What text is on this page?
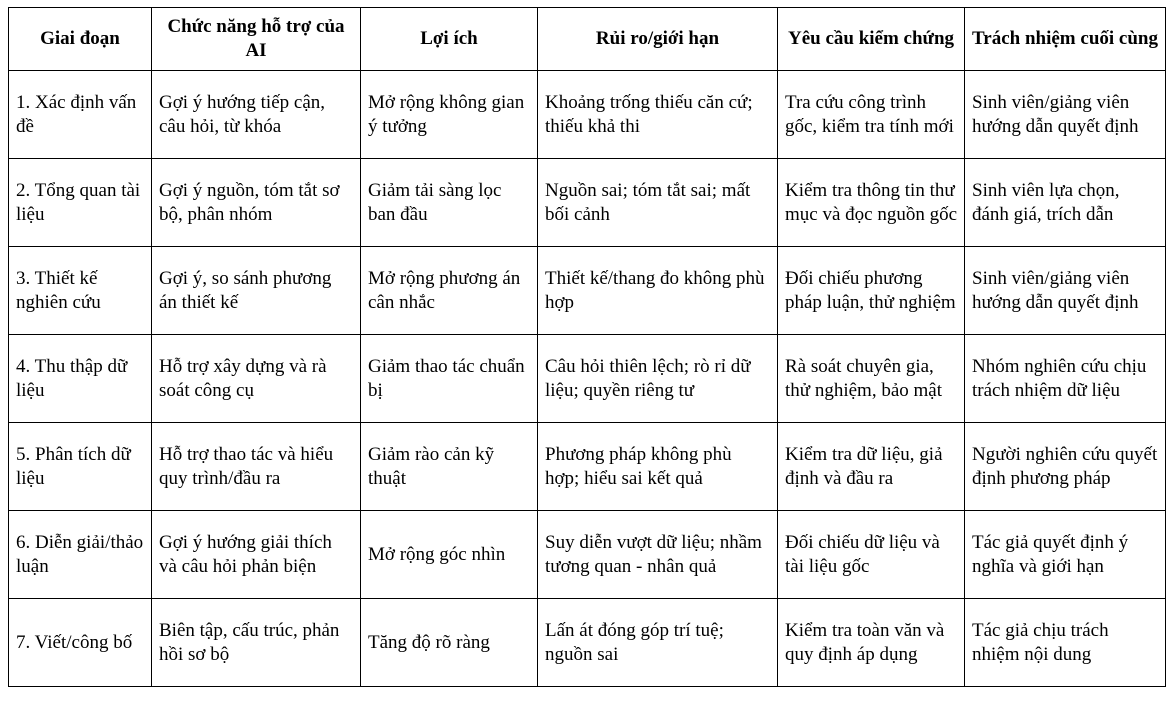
Giai đoạn	Chức năng hỗ trợ của AI	Lợi ích	Rủi ro/giới hạn	Yêu cầu kiểm chứng	Trách nhiệm cuối cùng
1. Xác định vấn đề	Gợi ý hướng tiếp cận, câu hỏi, từ khóa	Mở rộng không gian ý tưởng	Khoảng trống thiếu căn cứ; thiếu khả thi	Tra cứu công trình gốc, kiểm tra tính mới	Sinh viên/giảng viên hướng dẫn quyết định
2. Tổng quan tài liệu	Gợi ý nguồn, tóm tắt sơ bộ, phân nhóm	Giảm tải sàng lọc ban đầu	Nguồn sai; tóm tắt sai; mất bối cảnh	Kiểm tra thông tin thư mục và đọc nguồn gốc	Sinh viên lựa chọn, đánh giá, trích dẫn
3. Thiết kế nghiên cứu	Gợi ý, so sánh phương án thiết kế	Mở rộng phương án cân nhắc	Thiết kế/thang đo không phù hợp	Đối chiếu phương pháp luận, thử nghiệm	Sinh viên/giảng viên hướng dẫn quyết định
4. Thu thập dữ liệu	Hỗ trợ xây dựng và rà soát công cụ	Giảm thao tác chuẩn bị	Câu hỏi thiên lệch; rò rỉ dữ liệu; quyền riêng tư	Rà soát chuyên gia, thử nghiệm, bảo mật	Nhóm nghiên cứu chịu trách nhiệm dữ liệu
5. Phân tích dữ liệu	Hỗ trợ thao tác và hiểu quy trình/đầu ra	Giảm rào cản kỹ thuật	Phương pháp không phù hợp; hiểu sai kết quả	Kiểm tra dữ liệu, giả định và đầu ra	Người nghiên cứu quyết định phương pháp
6. Diễn giải/thảo luận	Gợi ý hướng giải thích và câu hỏi phản biện	Mở rộng góc nhìn	Suy diễn vượt dữ liệu; nhầm tương quan - nhân quả	Đối chiếu dữ liệu và tài liệu gốc	Tác giả quyết định ý nghĩa và giới hạn
7. Viết/công bố	Biên tập, cấu trúc, phản hồi sơ bộ	Tăng độ rõ ràng	Lấn át đóng góp trí tuệ; nguồn sai	Kiểm tra toàn văn và quy định áp dụng	Tác giả chịu trách nhiệm nội dung
